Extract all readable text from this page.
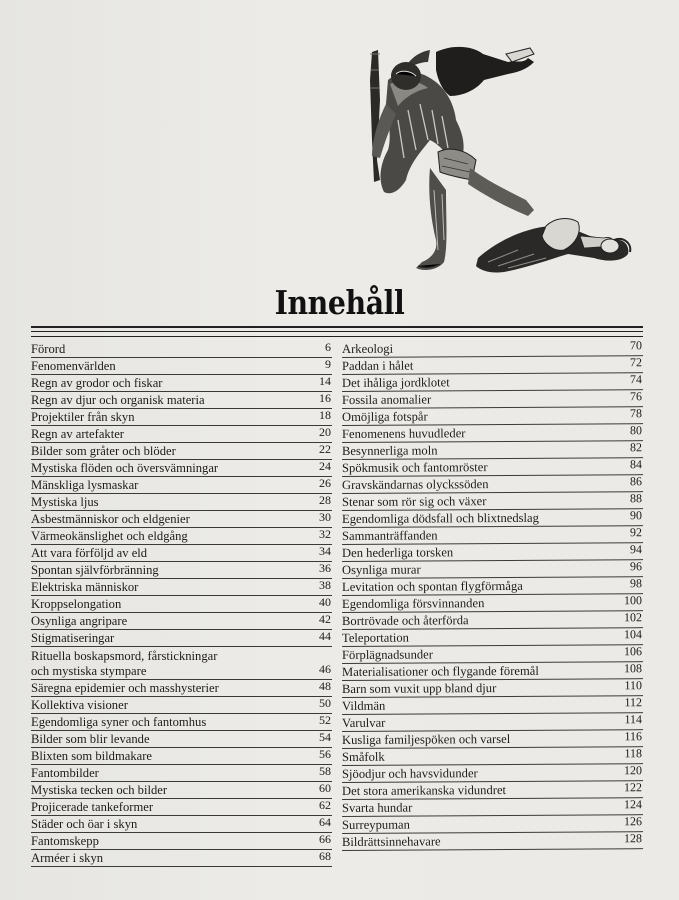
Innehåll
Förord	6
Fenomenvärlden	9
Regn av grodor och fiskar	14
Regn av djur och organisk materia	16
Projektiler från skyn	18
Regn av artefakter	20
Bilder som gråter och blöder	22
Mystiska flöden och översvämningar	24
Mänskliga lysmaskar	26
Mystiska ljus	28
Asbestmänniskor och eldgenier	30
Värmeokänslighet och eldgång	32
Att vara förföljd av eld	34
Spontan självförbränning	36
Elektriska människor	38
Kroppselongation	40
Osynliga angripare	42
Stigmatiseringar	44
Rituella boskapsmord, fårstickningar
och mystiska stympare	46
Säregna epidemier och masshysterier	48
Kollektiva visioner	50
Egendomliga syner och fantomhus	52
Bilder som blir levande	54
Blixten som bildmakare	56
Fantombilder	58
Mystiska tecken och bilder	60
Projicerade tankeformer	62
Städer och öar i skyn	64
Fantomskepp	66
Arméer i skyn	68
Arkeologi	70
Paddan i hålet	72
Det ihåliga jordklotet	74
Fossila anomalier	76
Omöjliga fotspår	78
Fenomenens huvudleder	80
Besynnerliga moln	82
Spökmusik och fantomröster	84
Gravskändarnas olyckssöden	86
Stenar som rör sig och växer	88
Egendomliga dödsfall och blixtnedslag	90
Sammanträffanden	92
Den hederliga torsken	94
Osynliga murar	96
Levitation och spontan flygförmåga	98
Egendomliga försvinnanden	100
Bortrövade och återförda	102
Teleportation	104
Förplägnadsunder	106
Materialisationer och flygande föremål	108
Barn som vuxit upp bland djur	110
Vildmän	112
Varulvar	114
Kusliga familjespöken och varsel	116
Småfolk	118
Sjöodjur och havsvidunder	120
Det stora amerikanska vidundret	122
Svarta hundar	124
Surreypuman	126
Bildrättsinnehavare	128
